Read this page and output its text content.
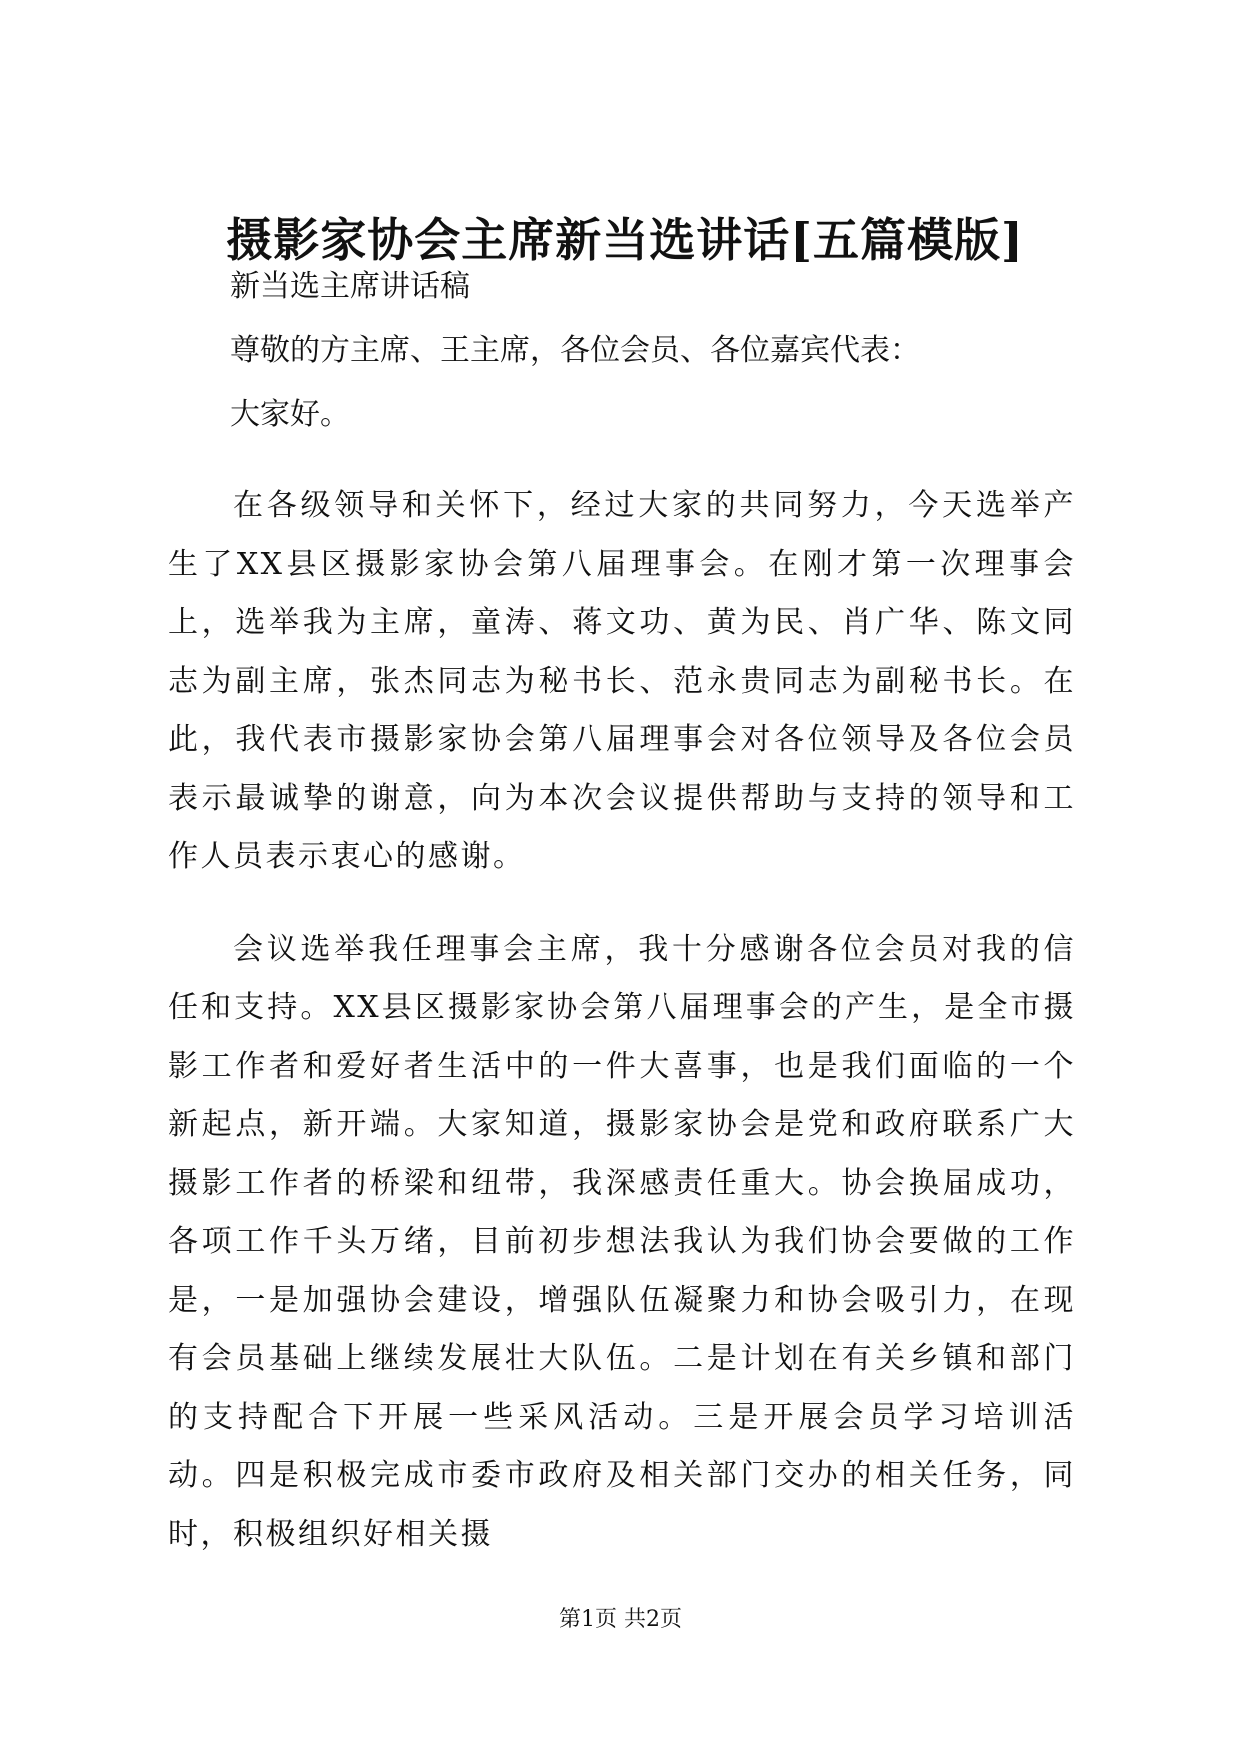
摄影家协会主席新当选讲话[五篇模版]
新当选主席讲话稿
尊敬的方主席、王主席，各位会员、各位嘉宾代表：
大家好。

在各级领导和关怀下，经过大家的共同努力，今天选举产生了XX县区摄影家协会第八届理事会。在刚才第一次理事会上，选举我为主席，童涛、蒋文功、黄为民、肖广华、陈文同志为副主席，张杰同志为秘书长、范永贵同志为副秘书长。在此，我代表市摄影家协会第八届理事会对各位领导及各位会员表示最诚挚的谢意，向为本次会议提供帮助与支持的领导和工作人员表示衷心的感谢。

会议选举我任理事会主席，我十分感谢各位会员对我的信任和支持。XX县区摄影家协会第八届理事会的产生，是全市摄影工作者和爱好者生活中的一件大喜事，也是我们面临的一个新起点，新开端。大家知道，摄影家协会是党和政府联系广大摄影工作者的桥梁和纽带，我深感责任重大。协会换届成功，各项工作千头万绪，目前初步想法我认为我们协会要做的工作是，一是加强协会建设，增强队伍凝聚力和协会吸引力，在现有会员基础上继续发展壮大队伍。二是计划在有关乡镇和部门的支持配合下开展一些采风活动。三是开展会员学习培训活动。四是积极完成市委市政府及相关部门交办的相关任务，同时，积极组织好相关摄

第1页 共2页
